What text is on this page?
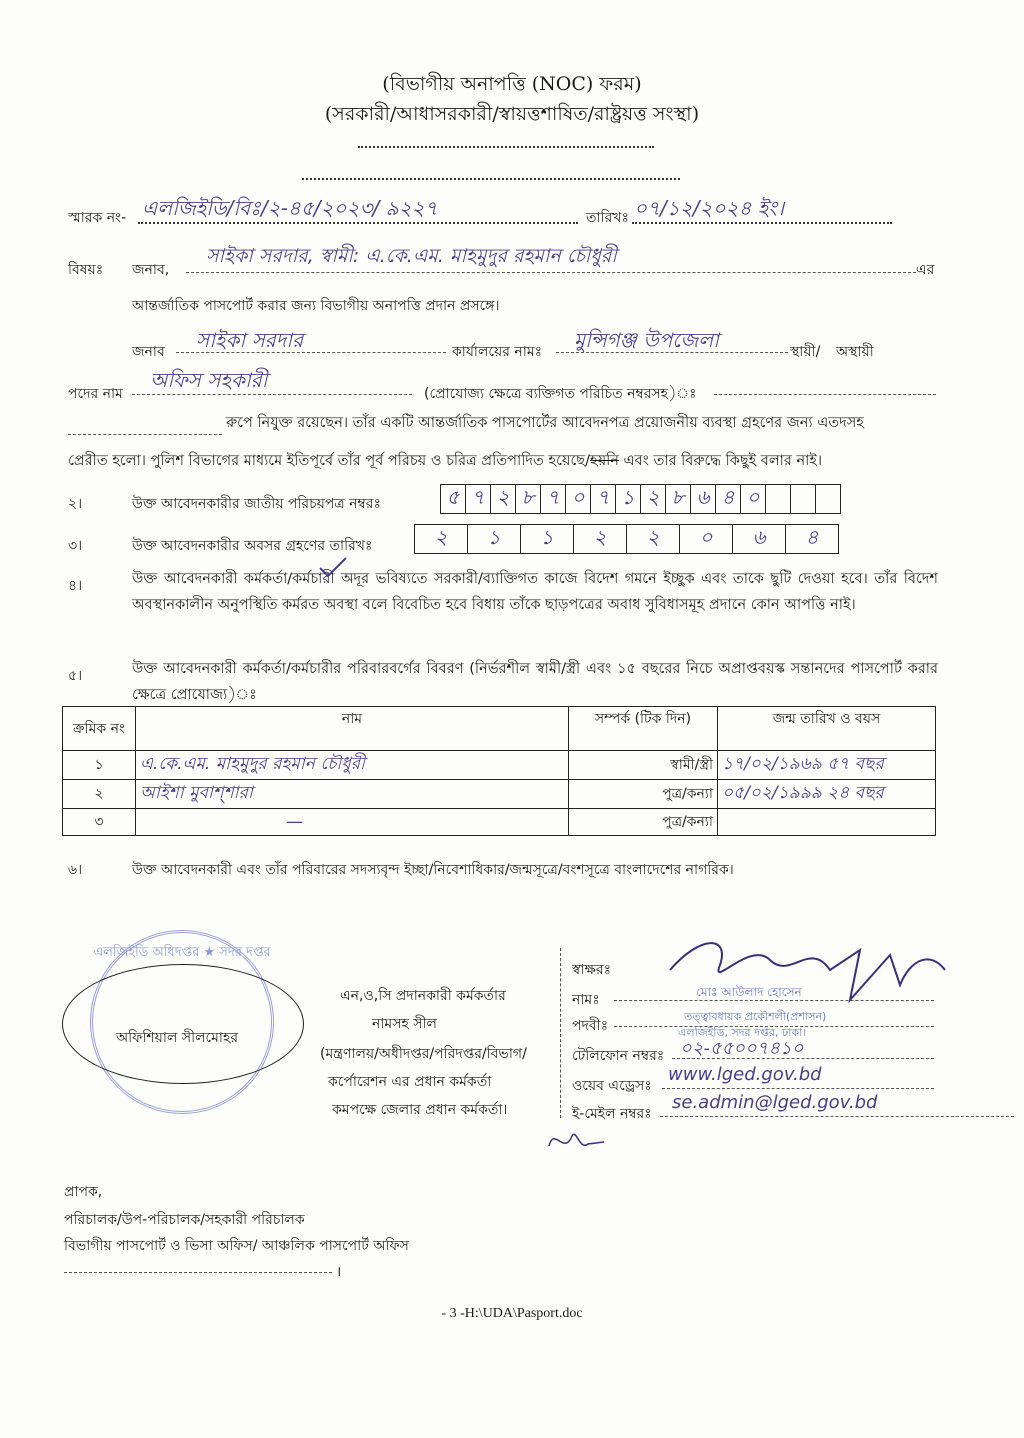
(বিভাগীয় অনাপত্তি (NOC) ফরম)
(সরকারী/আধাসরকারী/স্বায়ত্তশাষিত/রাষ্ট্রয়ত্ত সংস্থা)
স্মারক নং- এলজিইডি/বিঃ/২-৪৫/২০২৩/ ৯২২৭	তারিখঃ ০৭/১২/২০২৪ ইং।
বিষয়ঃ জনাব,
সাইকা সরদার, স্বামী: এ.কে.এম. মাহমুদুর রহমান চৌধুরী
এর
আন্তর্জাতিক পাসপোর্ট করার জন্য বিভাগীয় অনাপত্তি প্রদান প্রসঙ্গে।
জনাব সাইকা সরদার	কার্যালয়ের নামঃ মুন্সিগঞ্জ উপজেলা	স্থায়ী/ অস্থায়ী
পদের নাম
অফিস সহকারী
(প্রোযোজ্য ক্ষেত্রে ব্যক্তিগত পরিচিত নম্বরসহ)ঃ
রুপে নিযুক্ত রয়েছেন। তাঁর একটি আন্তর্জাতিক পাসপোর্টের আবেদনপত্র প্রয়োজনীয় ব্যবস্থা গ্রহণের জন্য এতদসহ
প্রেরীত হলো। পুলিশ বিভাগের মাধ্যমে ইতিপূর্বে তাঁর পূর্ব পরিচয় ও চরিত্র প্রতিপাদিত হয়েছে/হয়নি এবং তার বিরুদ্ধে কিছুই বলার নাই।
২।	উক্ত আবেদনকারীর জাতীয় পরিচয়পত্র নম্বরঃ	৫ ৭ ২ ৮ ৭ ০ ৭ ১ ২ ৮ ৬ ৪ ০
৩।	উক্ত আবেদনকারীর অবসর গ্রহণের তারিখঃ	২	১	১	২	২	০	৬	৪
৪।	উক্ত আবেদনকারী কর্মকর্তা/কর্মচারী অদূর ভবিষ্যতে সরকারী/ব্যাক্তিগত কাজে বিদেশ গমনে ইচ্ছুক এবং তাকে ছুটি দেওয়া হবে। তাঁর বিদেশ অবস্থানকালীন অনুপস্থিতি কর্মরত অবস্থা বলে বিবেচিত হবে বিধায় তাঁকে ছাড়পত্রের অবাধ সুবিধাসমূহ প্রদানে কোন আপত্তি নাই।
৫।	উক্ত আবেদনকারী কর্মকর্তা/কর্মচারীর পরিবারবর্গের বিবরণ (নির্ভরশীল স্বামী/স্ত্রী এবং ১৫ বছরের নিচে অপ্রাপ্তবয়স্ক সন্তানদের পাসপোর্ট করার ক্ষেত্রে প্রোযোজ্য)ঃ
ক্রমিক নং	নাম	সম্পর্ক (টিক দিন)	জন্ম তারিখ ও বয়স
১	এ.কে.এম. মাহমুদুর রহমান চৌধুরী	স্বামী/স্ত্রী	১৭/০২/১৯৬৯ ৫৭ বছর
২	আইশা মুবাশ্শারা	পুত্র/কন্যা	০৫/০২/১৯৯৯ ২৪ বছর
৩	—	পুত্র/কন্যা	
৬।	উক্ত আবেদনকারী এবং তাঁর পরিবারের সদস্যবৃন্দ ইচ্ছা/নিবেশাধিকার/জন্মসূত্রে/বংশসূত্রে বাংলাদেশের নাগরিক।
এলজিইডি অধিদপ্তর ★ সদর দপ্তর
অফিশিয়াল সীলমোহর
এন,ও,সি প্রদানকারী কর্মকর্তার
নামসহ সীল
(মন্ত্রণালয়/অধীদপ্তর/পরিদপ্তর/বিভাগ/
কর্পোরেশন এর প্রধান কর্মকর্তা
কমপক্ষে জেলার প্রধান কর্মকর্তা।
স্বাক্ষরঃ
নামঃ	মোঃ আউলাদ হোসেন
পদবীঃ
তত্ত্বাবধায়ক প্রকৌশলী(প্রশাসন)
এলজিইডি, সদর দপ্তর, ঢাকা।
টেলিফোন নম্বরঃ ০২-৫৫০০৭৪১০
ওয়েব এড্রেসঃ
www.lged.gov.bd
ই-মেইল নম্বরঃ
se.admin@lged.gov.bd
প্রাপক,
পরিচালক/উপ-পরিচালক/সহকারী পরিচালক
বিভাগীয় পাসপোর্ট ও ভিসা অফিস/ আঞ্চলিক পাসপোর্ট অফিস
।
- 3 -H:\UDA\Pasport.doc
